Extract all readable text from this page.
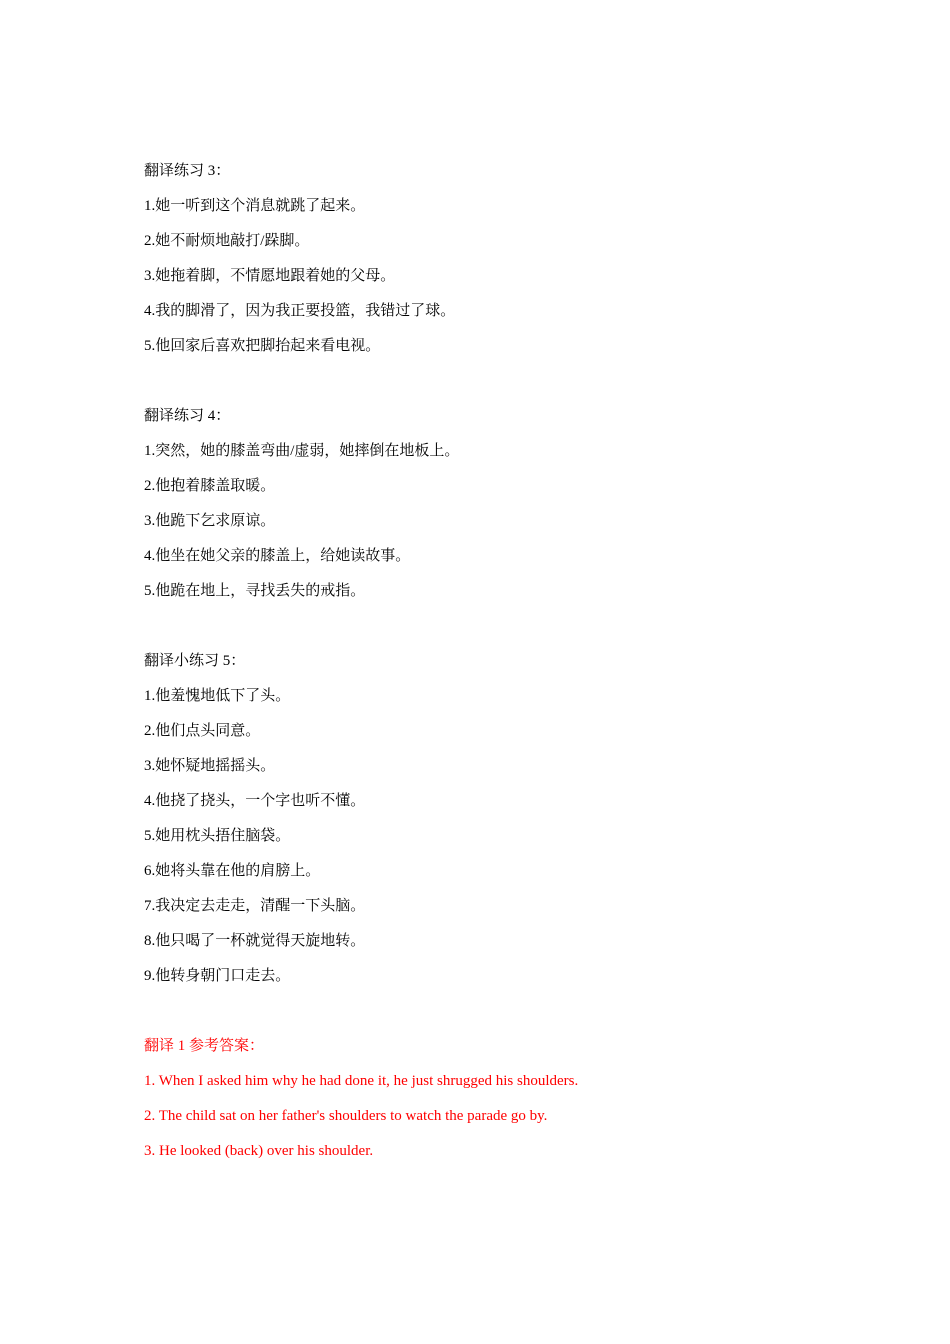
翻译练习 3：
1.她一听到这个消息就跳了起来。
2.她不耐烦地敲打/跺脚。
3.她拖着脚，不情愿地跟着她的父母。
4.我的脚滑了，因为我正要投篮，我错过了球。
5.他回家后喜欢把脚抬起来看电视。
翻译练习 4：
1.突然，她的膝盖弯曲/虚弱，她摔倒在地板上。
2.他抱着膝盖取暖。
3.他跪下乞求原谅。
4.他坐在她父亲的膝盖上，给她读故事。
5.他跪在地上，寻找丢失的戒指。
翻译小练习 5：
1.他羞愧地低下了头。
2.他们点头同意。
3.她怀疑地摇摇头。
4.他挠了挠头，一个字也听不懂。
5.她用枕头捂住脑袋。
6.她将头靠在他的肩膀上。
7.我决定去走走，清醒一下头脑。
8.他只喝了一杯就觉得天旋地转。
9.他转身朝门口走去。
翻译 1 参考答案：
1. When I asked him why he had done it, he just shrugged his shoulders.
2. The child sat on her father's shoulders to watch the parade go by.
3. He looked (back) over his shoulder.
